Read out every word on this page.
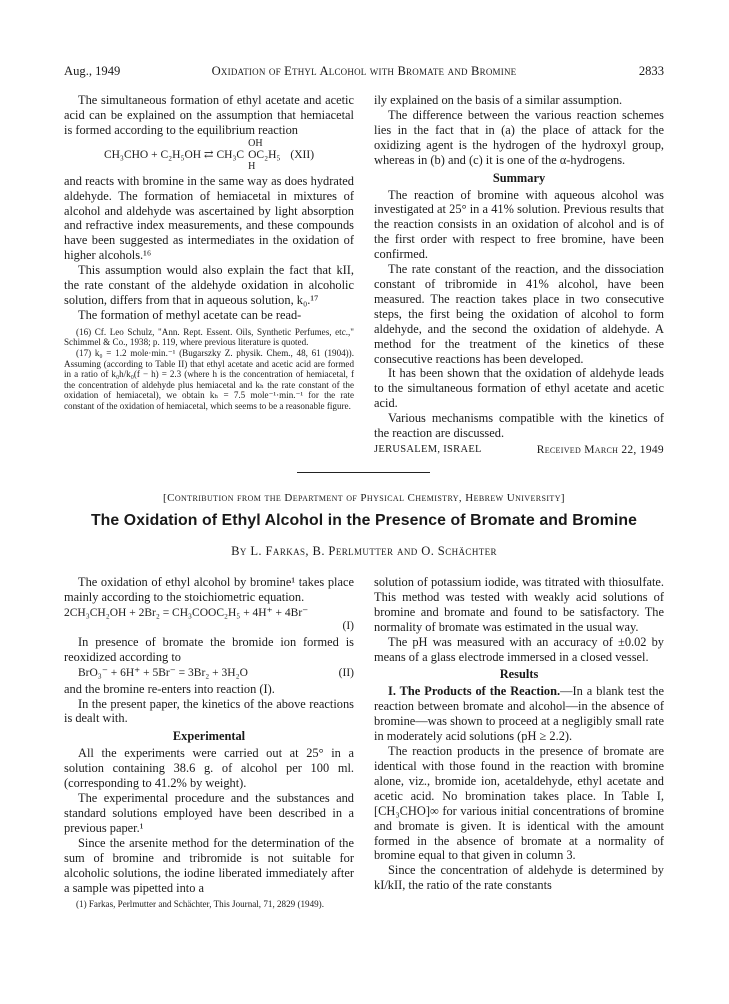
Aug., 1949	Oxidation of Ethyl Alcohol with Bromate and Bromine	2833

The simultaneous formation of ethyl acetate and acetic acid can be explained on the assumption that hemiacetal is formed according to the equilibrium reaction

CH₃CHO + C₂H₅OH ⇄ CH₃C
OH
OC₂H₅
H
(XII)

and reacts with bromine in the same way as does hydrated aldehyde. The formation of hemiacetal in mixtures of alcohol and aldehyde was ascertained by light absorption and refractive index measurements, and these compounds have been suggested as intermediates in the oxidation of higher alcohols.¹⁶

This assumption would also explain the fact that kII, the rate constant of the aldehyde oxidation in alcoholic solution, differs from that in aqueous solution, k₀.¹⁷

The formation of methyl acetate can be read-

(16) Cf. Leo Schulz, "Ann. Rept. Essent. Oils, Synthetic Perfumes, etc.," Schimmel & Co., 1938; p. 119, where previous literature is quoted.

(17) k₀ = 1.2 mole·min.⁻¹ (Bugarszky Z. physik. Chem., 48, 61 (1904)). Assuming (according to Table II) that ethyl acetate and acetic acid are formed in a ratio of k₀h/k₀(f − h) = 2.3 (where h is the concentration of hemiacetal, f the concentration of aldehyde plus hemiacetal and kₕ the rate constant of the oxidation of hemiacetal), we obtain kₕ = 7.5 mole⁻¹·min.⁻¹ for the rate constant of the oxidation of hemiacetal, which seems to be a reasonable figure.

ily explained on the basis of a similar assumption.

The difference between the various reaction schemes lies in the fact that in (a) the place of attack for the oxidizing agent is the hydrogen of the hydroxyl group, whereas in (b) and (c) it is one of the α-hydrogens.

Summary

The reaction of bromine with aqueous alcohol was investigated at 25° in a 41% solution. Previous results that the reaction consists in an oxidation of alcohol and is of the first order with respect to free bromine, have been confirmed.

The rate constant of the reaction, and the dissociation constant of tribromide in 41% alcohol, have been measured. The reaction takes place in two consecutive steps, the first being the oxidation of alcohol to form aldehyde, and the second the oxidation of aldehyde. A method for the treatment of the kinetics of these consecutive reactions has been developed.

It has been shown that the oxidation of aldehyde leads to the simultaneous formation of ethyl acetate and acetic acid.

Various mechanisms compatible with the kinetics of the reaction are discussed.

JERUSALEM, ISRAEL	Received March 22, 1949
[Contribution from the Department of Physical Chemistry, Hebrew University]
The Oxidation of Ethyl Alcohol in the Presence of Bromate and Bromine
By L. Farkas, B. Perlmutter and O. Schächter

The oxidation of ethyl alcohol by bromine¹ takes place mainly according to the stoichiometric equation.

2CH₃CH₂OH + 2Br₂ = CH₃COOC₂H₅ + 4H⁺ + 4Br⁻
(I)

In presence of bromate the bromide ion formed is reoxidized according to

BrO₃⁻ + 6H⁺ + 5Br⁻ = 3Br₂ + 3H₂O	(II)

and the bromine re-enters into reaction (I).

In the present paper, the kinetics of the above reactions is dealt with.

Experimental

All the experiments were carried out at 25° in a solution containing 38.6 g. of alcohol per 100 ml. (corresponding to 41.2% by weight).

The experimental procedure and the substances and standard solutions employed have been described in a previous paper.¹

Since the arsenite method for the determination of the sum of bromine and tribromide is not suitable for alcoholic solutions, the iodine liberated immediately after a sample was pipetted into a

(1) Farkas, Perlmutter and Schächter, This Journal, 71, 2829 (1949).

solution of potassium iodide, was titrated with thiosulfate. This method was tested with weakly acid solutions of bromine and bromate and found to be satisfactory. The normality of bromate was estimated in the usual way.

The pH was measured with an accuracy of ±0.02 by means of a glass electrode immersed in a closed vessel.

Results

I. The Products of the Reaction.—In a blank test the reaction between bromate and alcohol—in the absence of bromine—was shown to proceed at a negligibly small rate in moderately acid solutions (pH ≥ 2.2).

The reaction products in the presence of bromate are identical with those found in the reaction with bromine alone, viz., bromide ion, acetaldehyde, ethyl acetate and acetic acid. No bromination takes place. In Table I, [CH₃CHO]∞ for various initial concentrations of bromine and bromate is given. It is identical with the amount formed in the absence of bromate at a normality of bromine equal to that given in column 3.

Since the concentration of aldehyde is determined by kI/kII, the ratio of the rate constants
